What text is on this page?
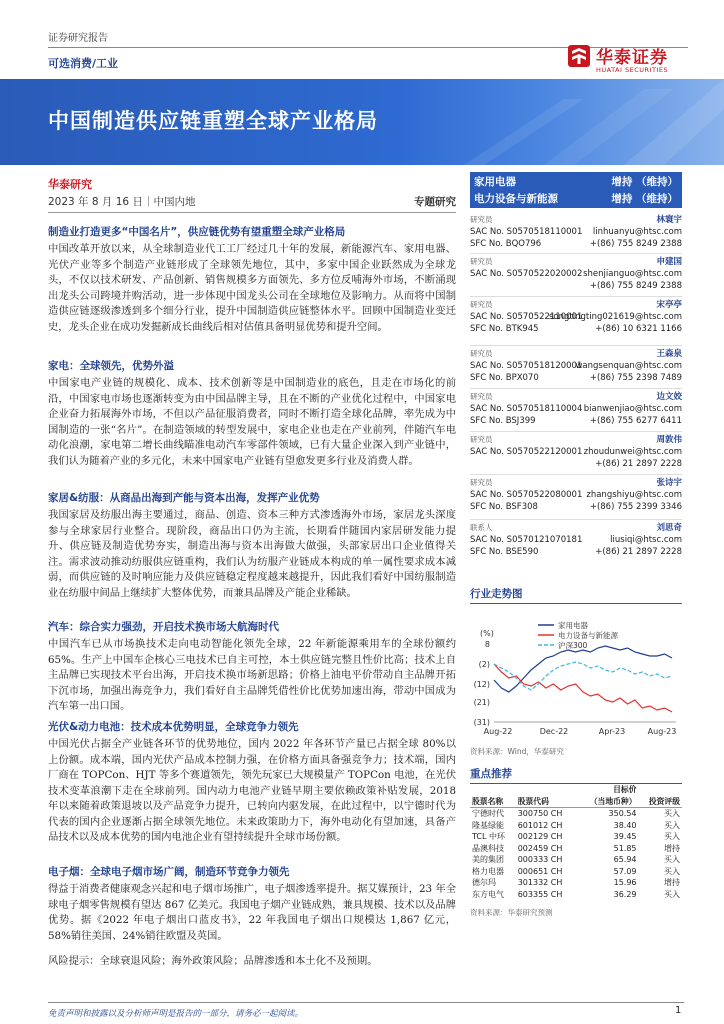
证券研究报告
可选消费/工业	华泰证券
HUATAI SECURITIES
中国制造供应链重塑全球产业格局
华泰研究
2023 年 8 月 16 日｜中国内地	专题研究
制造业打造更多“中国名片”，供应链优势有望重塑全球产业格局
中国改革开放以来，从全球制造业代工工厂经过几十年的发展，新能源汽车、家用电器、光伏产业等多个制造产业链形成了全球领先地位，其中，多家中国企业跃然成为全球龙头，不仅以技术研发、产品创新、销售规模多方面领先、多方位反哺海外市场，不断涌现出龙头公司跨境并购活动，进一步体现中国龙头公司在全球地位及影响力。从而将中国制造供应链逐级渗透到多个细分行业，提升中国制造供应链整体水平。回顾中国制造业变迁史，龙头企业在成功发掘新成长曲线后相对估值具备明显优势和提升空间。
家电：全球领先，优势外溢
中国家电产业链的规模化、成本、技术创新等是中国制造业的底色，且走在市场化的前沿，中国家电市场也逐渐转变为由中国品牌主导，且在不断的产业优化过程中，中国家电企业奋力拓展海外市场，不但以产品征服消费者，同时不断打造全球化品牌，率先成为中国制造的一张“名片”。在制造领域的转型发展中，家电企业也走在产业前列，伴随汽车电动化浪潮，家电第二增长曲线瞄准电动汽车零部件领域，已有大量企业深入到产业链中，我们认为随着产业的多元化，未来中国家电产业链有望愈发更多行业及消费人群。
家居&纺服：从商品出海到产能与资本出海，发挥产业优势
我国家居及纺服出海主要通过，商品、创造、资本三种方式渗透海外市场，家居龙头深度参与全球家居行业整合。现阶段，商品出口仍为主流，长期看伴随国内家居研发能力提升、供应链及制造优势夯实，制造出海与资本出海做大做强，头部家居出口企业值得关注。需求波动推动纺服供应链重构，我们认为纺服产业链成本构成的单一属性要求成本减弱，而供应链的及时响应能力及供应链稳定程度越来越提升，因此我们看好中国纺服制造业在纺服中间品上继续扩大整体优势，而兼具品牌及产能企业稀缺。
汽车：综合实力强劲，开启技术换市场大航海时代
中国汽车已从市场换技术走向电动智能化领先全球，22 年新能源乘用车的全球份额约 65%。生产上中国车企核心三电技术已自主可控，本土供应链完整且性价比高；技术上自主品牌已实现技术平台出海，开启技术换市场新思路；价格上油电平价带动自主品牌开拓下沉市场，加强出海竞争力，我们看好自主品牌凭借性价比优势加速出海，带动中国成为汽车第一出口国。
光伏&动力电池：技术成本优势明显，全球竞争力领先
中国光伏占据全产业链各环节的优势地位，国内 2022 年各环节产量已占据全球 80%以上份额。成本端，国内光伏产品成本控制力强，在价格方面具备强竞争力；技术端，国内厂商在 TOPCon、HJT 等多个赛道领先，领先玩家已大规模量产 TOPCon 电池，在光伏技术变革浪潮下走在全球前列。国内动力电池产业链早期主要依赖政策补贴发展，2018 年以来随着政策退坡以及产品竞争力提升，已转向内驱发展，在此过程中，以宁德时代为代表的国内企业逐渐占据全球领先地位。未来政策助力下，海外电动化有望加速，具备产品技术以及成本优势的国内电池企业有望持续提升全球市场份额。
电子烟：全球电子烟市场广阔，制造环节竞争力领先
得益于消费者健康观念兴起和电子烟市场推广，电子烟渗透率提升。据艾媒预计，23 年全球电子烟零售规模有望达 867 亿美元。我国电子烟产业链成熟，兼具规模、技术以及品牌优势。据《2022 年电子烟出口蓝皮书》，22 年我国电子烟出口规模达 1,867 亿元，58%销往美国、24%销往欧盟及英国。
风险提示：全球衰退风险；海外政策风险；品牌渗透和本土化不及预期。
家用电器	增持 （维持）
电力设备与新能源	增持 （维持）
研究员	林寰宇
SAC No. S0570518110001 linhuanyu@htsc.com
SFC No. BQO796	+(86) 755 8249 2388
研究员	申建国
SAC No. S0570522020002 shenjianguo@htsc.com
+(86) 755 8249 2388
研究员	宋亭亭
SAC No. S0570522110001
songtingting021619@htsc.com
SFC No. BTK945	+(86) 10 6321 1166
研究员	王森泉
SAC No. S0570518120001
wangsenquan@htsc.com
SFC No. BPX070	+(86) 755 2398 7489
研究员	边文姣
SAC No. S0570518110004 bianwenjiao@htsc.com
SFC No. BSJ399	+(86) 755 6277 6411
研究员	周敦伟
SAC No. S0570522120001 zhoudunwei@htsc.com
+(86) 21 2897 2228
研究员	张诗宇
SAC No. S0570522080001 zhangshiyu@htsc.com
SFC No. BSF308	+(86) 755 2399 3346
联系人	刘思奇
SAC No. S0570121070181	liusiqi@htsc.com
SFC No. BSE590	+(86) 21 2897 2228
行业走势图
(%)
8
(2)
(12)
(21)
(31)
Aug-22	Dec-22	Apr-23	Aug-23
家用电器
电力设备与新能源
沪深300
资料来源：Wind，华泰研究
重点推荐
		目标价	
股票名称	股票代码	（当地币种）	投资评级
宁德时代	300750 CH	350.54	买入
隆基绿能	601012 CH	38.40	买入
TCL 中环	002129 CH	39.45	买入
晶澳科技	002459 CH	51.85	增持
美的集团	000333 CH	65.94	买入
格力电器	000651 CH	57.09	买入
德尔玛	301332 CH	15.96	增持
东方电气	603355 CH	36.29	买入
资料来源：华泰研究预测
免责声明和披露以及分析师声明是报告的一部分，请务必一起阅读。	1
